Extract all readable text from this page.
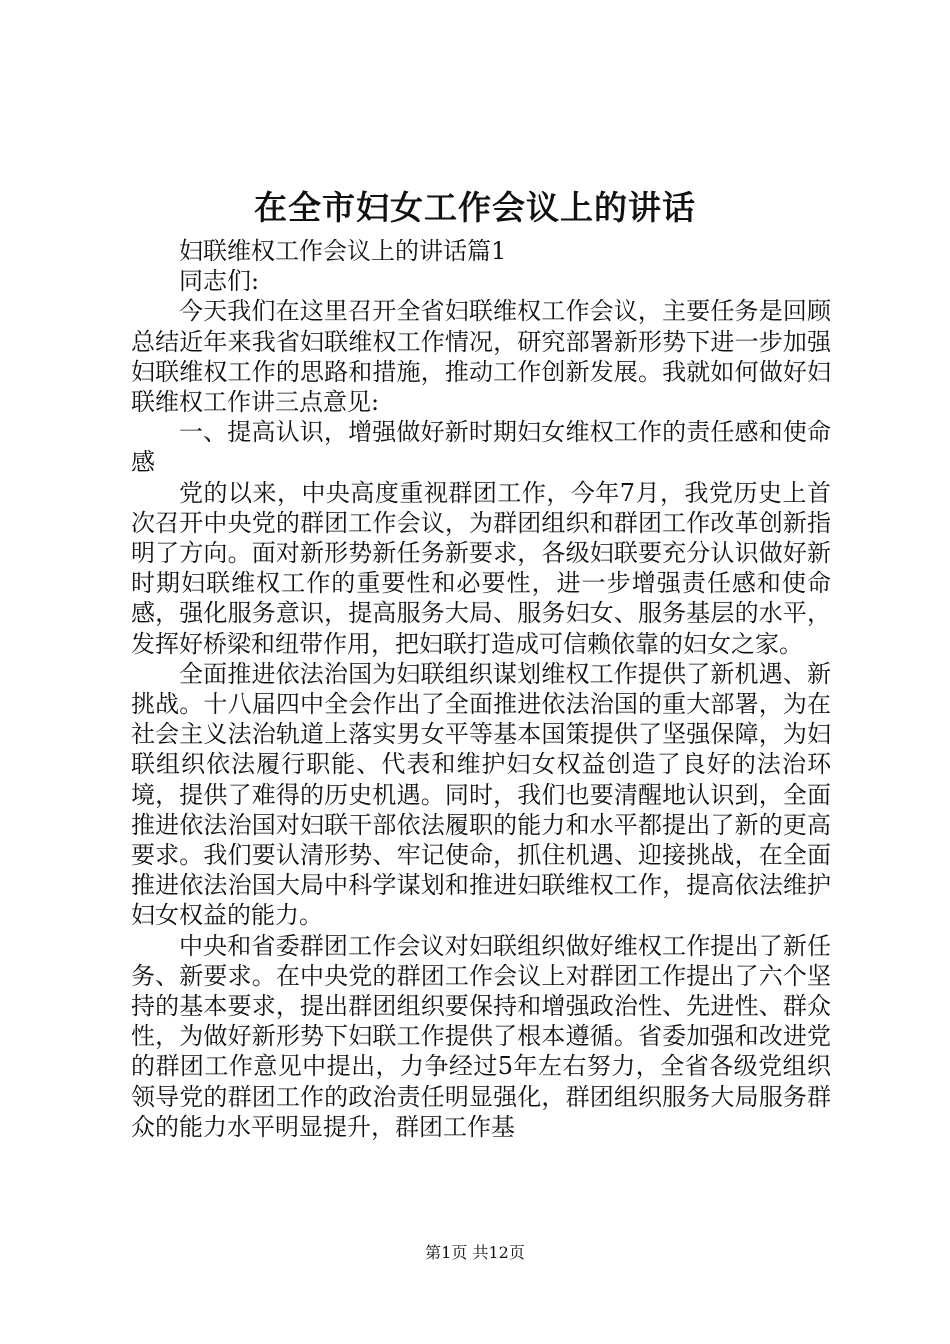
在全市妇女工作会议上的讲话

妇联维权工作会议上的讲话篇1

同志们:

今天我们在这里召开全省妇联维权工作会议，主要任务是回顾总结近年来我省妇联维权工作情况，研究部署新形势下进一步加强妇联维权工作的思路和措施，推动工作创新发展。我就如何做好妇联维权工作讲三点意见:

一、提高认识，增强做好新时期妇女维权工作的责任感和使命感

党的以来，中央高度重视群团工作，今年7月，我党历史上首次召开中央党的群团工作会议，为群团组织和群团工作改革创新指明了方向。面对新形势新任务新要求，各级妇联要充分认识做好新时期妇联维权工作的重要性和必要性，进一步增强责任感和使命感，强化服务意识，提高服务大局、服务妇女、服务基层的水平，发挥好桥梁和纽带作用，把妇联打造成可信赖依靠的妇女之家。

全面推进依法治国为妇联组织谋划维权工作提供了新机遇、新挑战。十八届四中全会作出了全面推进依法治国的重大部署，为在社会主义法治轨道上落实男女平等基本国策提供了坚强保障，为妇联组织依法履行职能、代表和维护妇女权益创造了良好的法治环境，提供了难得的历史机遇。同时，我们也要清醒地认识到，全面推进依法治国对妇联干部依法履职的能力和水平都提出了新的更高要求。我们要认清形势、牢记使命，抓住机遇、迎接挑战，在全面推进依法治国大局中科学谋划和推进妇联维权工作，提高依法维护妇女权益的能力。

中央和省委群团工作会议对妇联组织做好维权工作提出了新任务、新要求。在中央党的群团工作会议上对群团工作提出了六个坚持的基本要求，提出群团组织要保持和增强政治性、先进性、群众性，为做好新形势下妇联工作提供了根本遵循。省委加强和改进党的群团工作意见中提出，力争经过5年左右努力，全省各级党组织领导党的群团工作的政治责任明显强化，群团组织服务大局服务群众的能力水平明显提升，群团工作基

第1页 共12页
